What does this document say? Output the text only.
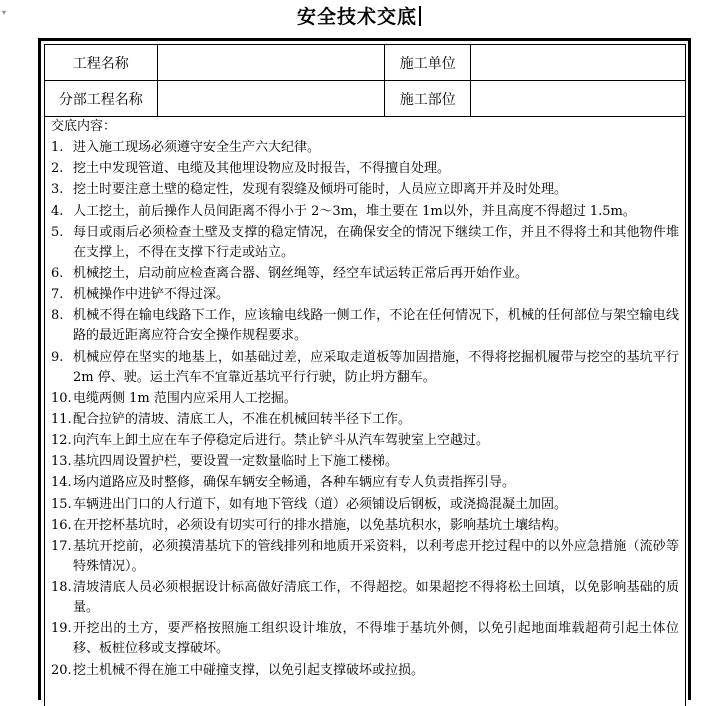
▾	安全技术交底
工程名称		施工单位	
分部工程名称		施工部位	
交底内容：
1. 进入施工现场必须遵守安全生产六大纪律。
2. 挖土中发现管道、电缆及其他埋设物应及时报告，不得擅自处理。
3. 挖土时要注意土壁的稳定性，发现有裂缝及倾坍可能时，人员应立即离开并及时处理。
4. 人工挖土，前后操作人员间距离不得小于 2～3m，堆土要在 1m以外，并且高度不得超过 1.5m。
5. 每日或雨后必须检查土壁及支撑的稳定情况，在确保安全的情况下继续工作，并且不得将土和其他物件堆在支撑上，不得在支撑下行走或站立。
6. 机械挖土，启动前应检查离合器、钢丝绳等，经空车试运转正常后再开始作业。
7. 机械操作中进铲不得过深。
8. 机械不得在输电线路下工作，应该输电线路一侧工作，不论在任何情况下，机械的任何部位与架空输电线路的最近距离应符合安全操作规程要求。
9. 机械应停在坚实的地基上，如基础过差，应采取走道板等加固措施，不得将挖掘机履带与挖空的基坑平行 2m 停、驶。运土汽车不宜靠近基坑平行行驶，防止坍方翻车。
10. 电缆两侧 1m 范围内应采用人工挖掘。
11. 配合拉铲的清坡、清底工人，不准在机械回转半径下工作。
12. 向汽车上卸土应在车子停稳定后进行。禁止铲斗从汽车驾驶室上空越过。
13. 基坑四周设置护栏，要设置一定数量临时上下施工楼梯。
14. 场内道路应及时整修，确保车辆安全畅通，各种车辆应有专人负责指挥引导。
15. 车辆进出门口的人行道下，如有地下管线（道）必须铺设后钢板，或浇捣混凝土加固。
16. 在开挖杯基坑时，必须设有切实可行的排水措施，以免基坑积水，影响基坑土壤结构。
17. 基坑开挖前，必须摸清基坑下的管线排列和地质开采资料，以利考虑开挖过程中的以外应急措施（流砂等特殊情况）。
18. 清坡清底人员必须根据设计标高做好清底工作，不得超挖。如果超挖不得将松土回填，以免影响基础的质量。
19. 开挖出的土方，要严格按照施工组织设计堆放，不得堆于基坑外侧，以免引起地面堆载超荷引起土体位移、板桩位移或支撑破坏。
20. 挖土机械不得在施工中碰撞支撑，以免引起支撑破坏或拉损。
